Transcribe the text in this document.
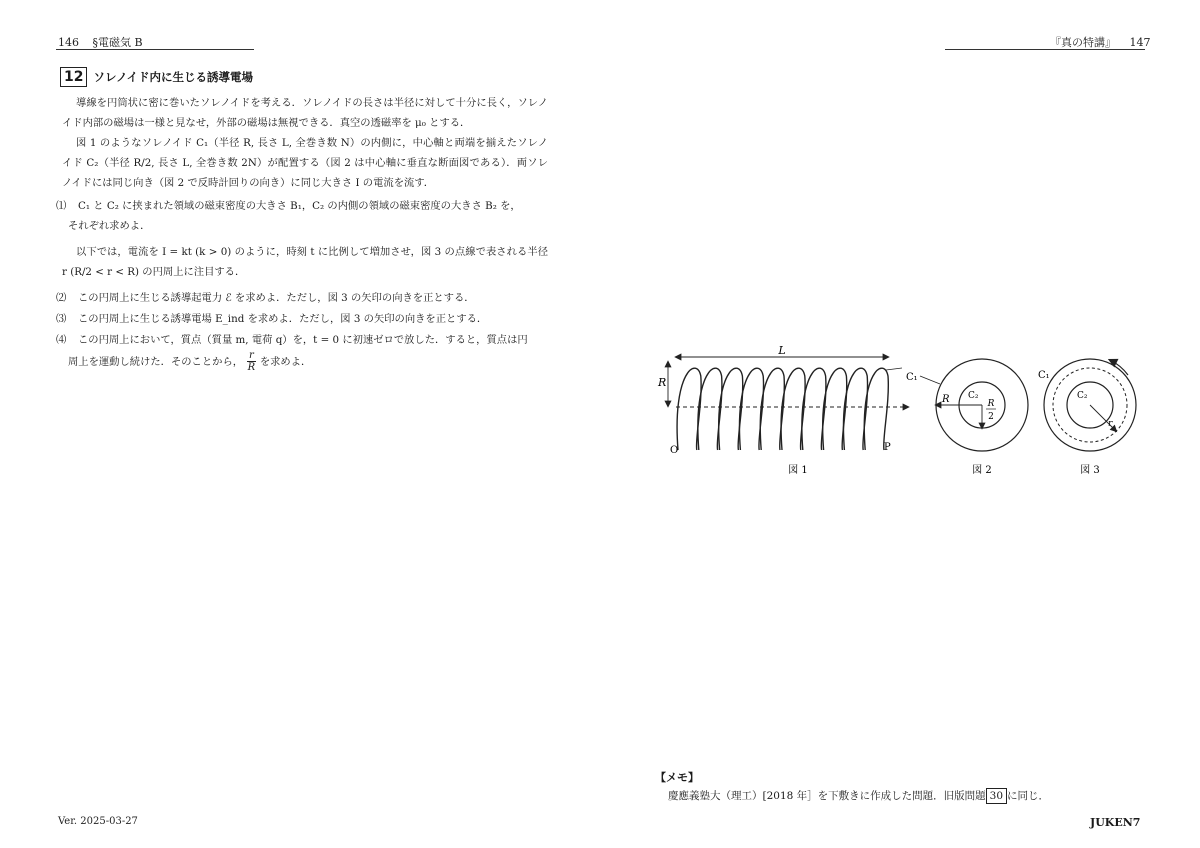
146 §電磁気 B	『真の特講』 147
12 ソレノイド内に生じる誘導電場
導線を円筒状に密に巻いたソレノイドを考える．ソレノイドの長さは半径に対して十分に長く，ソレノイド内部の磁場は一様と見なせ，外部の磁場は無視できる．真空の透磁率を μ₀ とする．
図 1 のようなソレノイド C₁（半径 R, 長さ L, 全巻き数 N）の内側に，中心軸と両端を揃えたソレノイド C₂（半径 R/2, 長さ L, 全巻き数 2N）が配置する（図 2 は中心軸に垂直な断面図である）．両ソレノイドには同じ向き（図 2 で反時計回りの向き）に同じ大きさ I の電流を流す．
⑴ C₁ と C₂ に挟まれた領域の磁束密度の大きさ B₁，C₂ の内側の領域の磁束密度の大きさ B₂ を，
それぞれ求めよ．
以下では，電流を I = kt (k > 0) のように，時刻 t に比例して増加させ，図 3 の点線で表される半径 r (R/2 < r < R) の円周上に注目する．
⑵ この円周上に生じる誘導起電力 ℰ を求めよ．ただし，図 3 の矢印の向きを正とする．
⑶ この円周上に生じる誘導電場 E_ind を求めよ．ただし，図 3 の矢印の向きを正とする．
⑷ この円周上において，質点（質量 m, 電荷 q）を，t = 0 に初速ゼロで放した．すると，質点は円
周上を運動し続けた．そのことから， $\frac{r}{R}$ を求めよ．
L
R
O	P
C₁
図 1
R C₂
R
2
図 2
r
C₂
C₁
図 3
【メモ】
慶應義塾大（理工）[2018 年］を下敷きに作成した問題．旧版問題 30 に同じ．
Ver. 2025-03-27	JUKEN7
